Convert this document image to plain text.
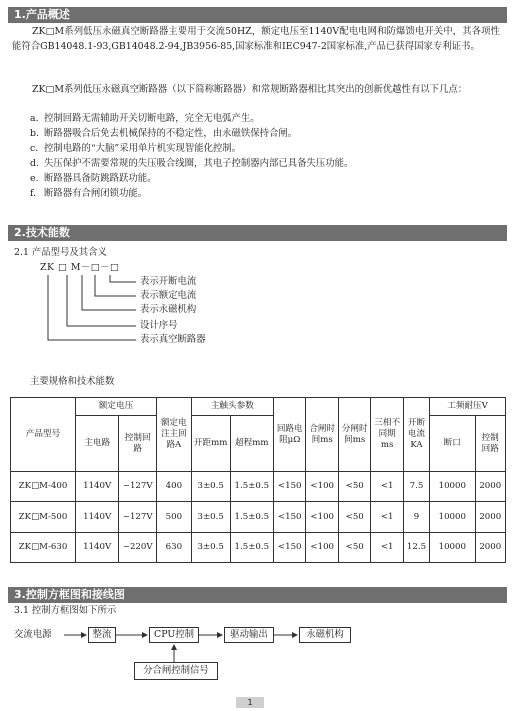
1.产品概述
ZK□M系列低压永磁真空断路器主要用于交流50HZ，额定电压至1140V配电电网和防爆馈电开关中，其各项性能符合GB14048.1-93,GB14048.2-94,JB3956-85,国家标准和IEC947-2国家标准,产品已获得国家专利证书。
ZK□M系列低压永磁真空断路器（以下简称断路器）和常规断路器相比其突出的创新优越性有以下几点：
a. 控制回路无需辅助开关切断电路，完全无电弧产生。
b. 断路器吸合后免去机械保持的不稳定性，由永磁铁保持合闸。
c. 控制电路的“大脑”采用单片机实现智能化控制。
d. 失压保护不需要常规的失压吸合线圈，其电子控制器内部已具备失压功能。
e. 断路器具备防跳路跃功能。
f. 断路器有合闸闭锁功能。
2.技术能数
2.1 产品型号及其含义
ZK □ M－□－□
表示开断电流
表示额定电流
表示永磁机构
设计序号
表示真空断路器
主要规格和技术能数
产品型号	额定电压		额定电注主回路A	主触头参数		回路电阻μΩ	合闸时间ms	分闸时间ms	三相不同期ms	开断电流KA	工频耐压V	
	主电路	控制回路		开距mm	超程mm						断口	控制回路
ZK□M-400	1140V	~127V	400	3±0.5	1.5±0.5	<150	<100	<50	<1	7.5	10000	2000
ZK□M-500	1140V	~127V	500	3±0.5	1.5±0.5	<150	<100	<50	<1	9	10000	2000
ZK□M-630	1140V	~220V	630	3±0.5	1.5±0.5	<150	<100	<50	<1	12.5	10000	2000
3.控制方框图和接线图
3.1 控制方框图如下所示
交流电源	整流	CPU控制	驱动输出	永磁机构
分合闸控制信号
1
